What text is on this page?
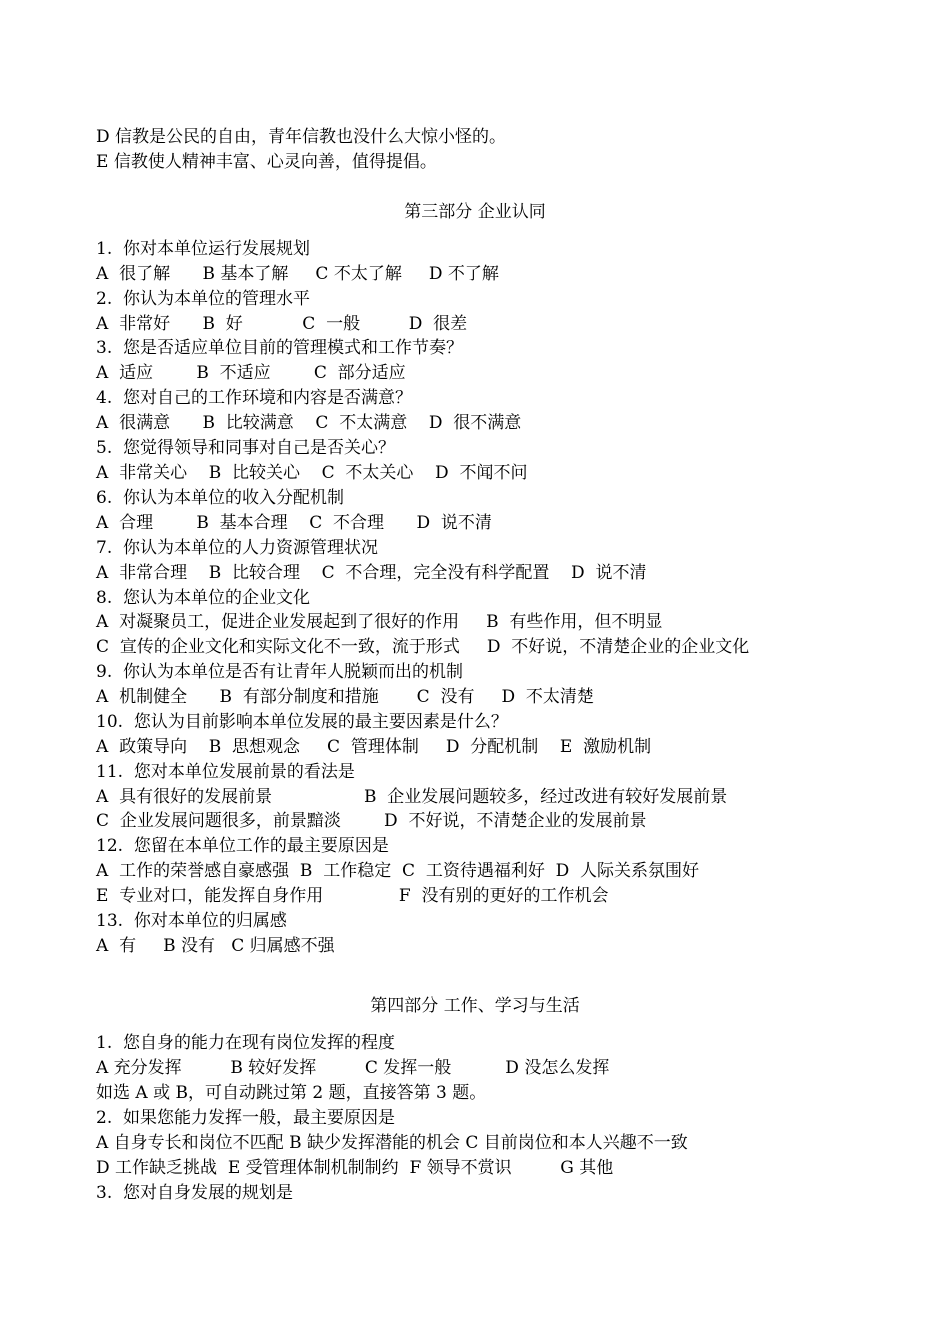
D 信教是公民的自由，青年信教也没什么大惊小怪的。
E 信教使人精神丰富、心灵向善，值得提倡。
第三部分 企业认同
1.  你对本单位运行发展规划
A  很了解      B 基本了解     C 不太了解     D 不了解
2.  你认为本单位的管理水平
A  非常好      B  好           C  一般         D  很差
3.  您是否适应单位目前的管理模式和工作节奏？
A  适应        B  不适应        C  部分适应
4.  您对自己的工作环境和内容是否满意？
A  很满意      B  比较满意    C  不太满意    D  很不满意
5.  您觉得领导和同事对自己是否关心？
A  非常关心    B  比较关心    C  不太关心    D  不闻不问
6.  你认为本单位的收入分配机制
A  合理        B  基本合理    C  不合理      D  说不清
7.  你认为本单位的人力资源管理状况
A  非常合理    B  比较合理    C  不合理，完全没有科学配置    D  说不清
8.  您认为本单位的企业文化
A  对凝聚员工，促进企业发展起到了很好的作用     B  有些作用，但不明显
C  宣传的企业文化和实际文化不一致，流于形式     D  不好说，不清楚企业的企业文化
9.  你认为本单位是否有让青年人脱颖而出的机制
A  机制健全      B  有部分制度和措施       C  没有     D  不太清楚
10.  您认为目前影响本单位发展的最主要因素是什么？
A  政策导向    B  思想观念     C  管理体制     D  分配机制    E  激励机制
11.  您对本单位发展前景的看法是
A  具有很好的发展前景                 B  企业发展问题较多，经过改进有较好发展前景
C  企业发展问题很多，前景黯淡        D  不好说，不清楚企业的发展前景
12.  您留在本单位工作的最主要原因是
A  工作的荣誉感自豪感强  B  工作稳定  C  工资待遇福利好  D  人际关系氛围好
E  专业对口，能发挥自身作用              F  没有别的更好的工作机会
13.  你对本单位的归属感
A  有     B 没有   C 归属感不强
第四部分 工作、学习与生活
1.  您自身的能力在现有岗位发挥的程度
A 充分发挥         B 较好发挥         C 发挥一般          D 没怎么发挥
如选 A 或 B，可自动跳过第 2 题，直接答第 3 题。
2.  如果您能力发挥一般，最主要原因是
A 自身专长和岗位不匹配 B 缺少发挥潜能的机会 C 目前岗位和本人兴趣不一致
D 工作缺乏挑战  E 受管理体制机制制约  F 领导不赏识         G 其他
3.  您对自身发展的规划是
